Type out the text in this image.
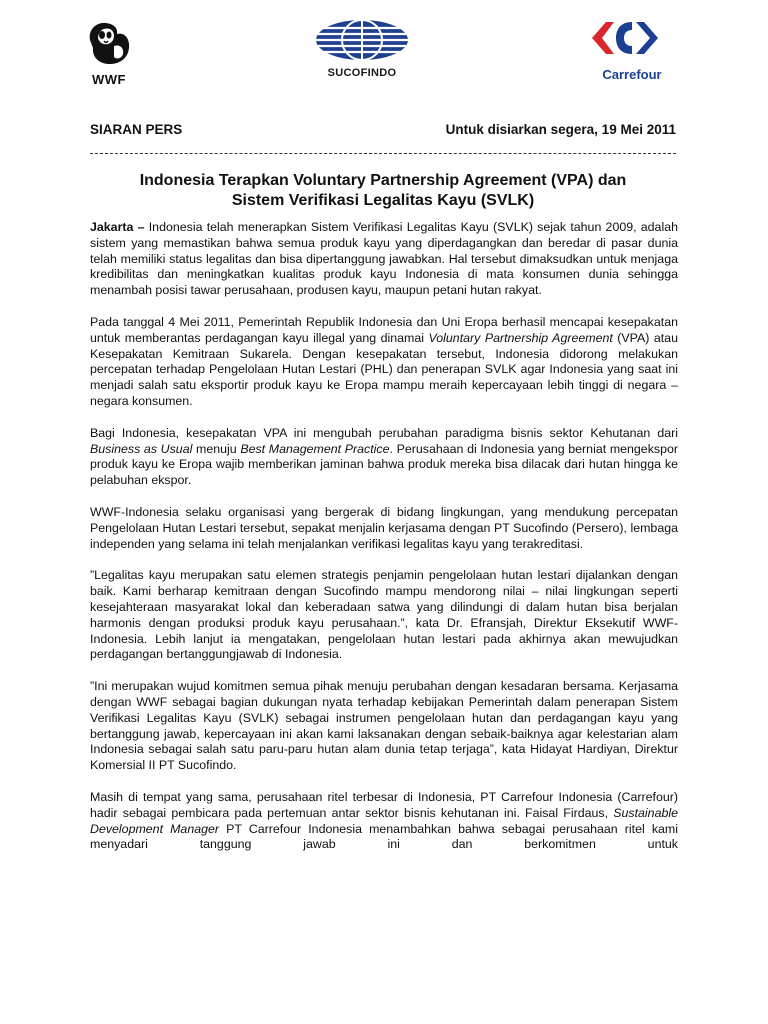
WWF	SUCOFINDO	Carrefour
SIARAN PERS	Untuk disiarkan segera, 19 Mei 2011
Indonesia Terapkan Voluntary Partnership Agreement (VPA) dan
Sistem Verifikasi Legalitas Kayu (SVLK)

Jakarta – Indonesia telah menerapkan Sistem Verifikasi Legalitas Kayu (SVLK) sejak tahun 2009, adalah sistem yang memastikan bahwa semua produk kayu yang diperdagangkan dan beredar di pasar dunia telah memiliki status legalitas dan bisa dipertanggung jawabkan. Hal tersebut dimaksudkan untuk menjaga kredibilitas dan meningkatkan kualitas produk kayu Indonesia di mata konsumen dunia sehingga menambah posisi tawar perusahaan, produsen kayu, maupun petani hutan rakyat.

Pada tanggal 4 Mei 2011, Pemerintah Republik Indonesia dan Uni Eropa berhasil mencapai kesepakatan untuk memberantas perdagangan kayu illegal yang dinamai Voluntary Partnership Agreement (VPA) atau Kesepakatan Kemitraan Sukarela. Dengan kesepakatan tersebut, Indonesia didorong melakukan percepatan terhadap Pengelolaan Hutan Lestari (PHL) dan penerapan SVLK agar Indonesia yang saat ini menjadi salah satu eksportir produk kayu ke Eropa mampu meraih kepercayaan lebih tinggi di negara – negara konsumen.

Bagi Indonesia, kesepakatan VPA ini mengubah perubahan paradigma bisnis sektor Kehutanan dari Business as Usual menuju Best Management Practice. Perusahaan di Indonesia yang berniat mengekspor produk kayu ke Eropa wajib memberikan jaminan bahwa produk mereka bisa dilacak dari hutan hingga ke pelabuhan ekspor.

WWF-Indonesia selaku organisasi yang bergerak di bidang lingkungan, yang mendukung percepatan Pengelolaan Hutan Lestari tersebut, sepakat menjalin kerjasama dengan PT Sucofindo (Persero), lembaga independen yang selama ini telah menjalankan verifikasi legalitas kayu yang terakreditasi.

”Legalitas kayu merupakan satu elemen strategis penjamin pengelolaan hutan lestari dijalankan dengan baik. Kami berharap kemitraan dengan Sucofindo mampu mendorong nilai – nilai lingkungan seperti kesejahteraan masyarakat lokal dan keberadaan satwa yang dilindungi di dalam hutan bisa berjalan harmonis dengan produksi produk kayu perusahaan.”, kata Dr. Efransjah, Direktur Eksekutif WWF-Indonesia. Lebih lanjut ia mengatakan, pengelolaan hutan lestari pada akhirnya akan mewujudkan perdagangan bertanggungjawab di Indonesia.

”Ini merupakan wujud komitmen semua pihak menuju perubahan dengan kesadaran bersama. Kerjasama dengan WWF sebagai bagian dukungan nyata terhadap kebijakan Pemerintah dalam penerapan Sistem Verifikasi Legalitas Kayu (SVLK) sebagai instrumen pengelolaan hutan dan perdagangan kayu yang bertanggung jawab, kepercayaan ini akan kami laksanakan dengan sebaik-baiknya agar kelestarian alam Indonesia sebagai salah satu paru-paru hutan alam dunia tetap terjaga”, kata Hidayat Hardiyan, Direktur Komersial II PT Sucofindo.

Masih di tempat yang sama, perusahaan ritel terbesar di Indonesia, PT Carrefour Indonesia (Carrefour) hadir sebagai pembicara pada pertemuan antar sektor bisnis kehutanan ini. Faisal Firdaus, Sustainable Development Manager PT Carrefour Indonesia menambahkan bahwa sebagai perusahaan ritel kami menyadari tanggung jawab ini dan berkomitmen untuk
